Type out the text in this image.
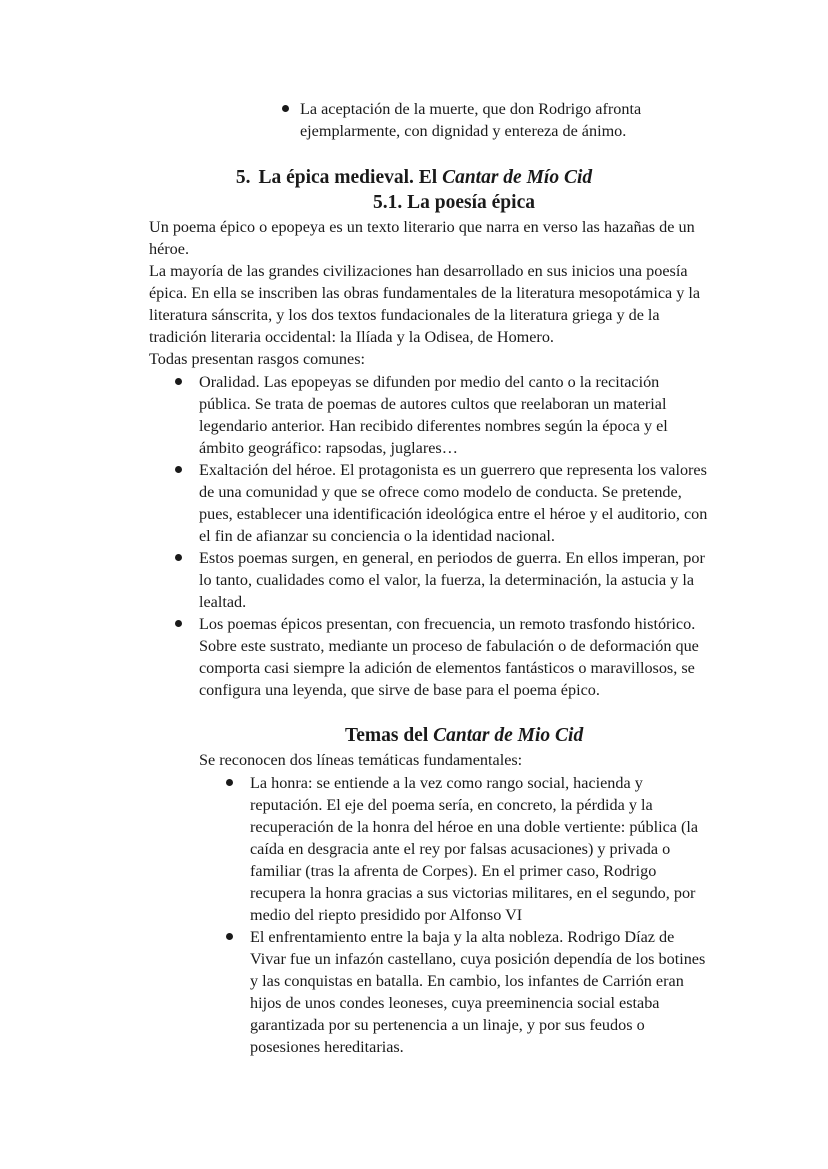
La aceptación de la muerte, que don Rodrigo afronta
ejemplarmente, con dignidad y entereza de ánimo.
5. La épica medieval. El Cantar de Mío Cid
5.1. La poesía épica
Un poema épico o epopeya es un texto literario que narra en verso las hazañas de un
héroe.
La mayoría de las grandes civilizaciones han desarrollado en sus inicios una poesía
épica. En ella se inscriben las obras fundamentales de la literatura mesopotámica y la
literatura sánscrita, y los dos textos fundacionales de la literatura griega y de la
tradición literaria occidental: la Ilíada y la Odisea, de Homero.
Todas presentan rasgos comunes:
Oralidad. Las epopeyas se difunden por medio del canto o la recitación
pública. Se trata de poemas de autores cultos que reelaboran un material
legendario anterior. Han recibido diferentes nombres según la época y el
ámbito geográfico: rapsodas, juglares…
Exaltación del héroe. El protagonista es un guerrero que representa los valores
de una comunidad y que se ofrece como modelo de conducta. Se pretende,
pues, establecer una identificación ideológica entre el héroe y el auditorio, con
el fin de afianzar su conciencia o la identidad nacional.
Estos poemas surgen, en general, en periodos de guerra. En ellos imperan, por
lo tanto, cualidades como el valor, la fuerza, la determinación, la astucia y la
lealtad.
Los poemas épicos presentan, con frecuencia, un remoto trasfondo histórico.
Sobre este sustrato, mediante un proceso de fabulación o de deformación que
comporta casi siempre la adición de elementos fantásticos o maravillosos, se
configura una leyenda, que sirve de base para el poema épico.
Temas del Cantar de Mio Cid
Se reconocen dos líneas temáticas fundamentales:
La honra: se entiende a la vez como rango social, hacienda y
reputación. El eje del poema sería, en concreto, la pérdida y la
recuperación de la honra del héroe en una doble vertiente: pública (la
caída en desgracia ante el rey por falsas acusaciones) y privada o
familiar (tras la afrenta de Corpes). En el primer caso, Rodrigo
recupera la honra gracias a sus victorias militares, en el segundo, por
medio del riepto presidido por Alfonso VI
El enfrentamiento entre la baja y la alta nobleza. Rodrigo Díaz de
Vivar fue un infazón castellano, cuya posición dependía de los botines
y las conquistas en batalla. En cambio, los infantes de Carrión eran
hijos de unos condes leoneses, cuya preeminencia social estaba
garantizada por su pertenencia a un linaje, y por sus feudos o
posesiones hereditarias.
